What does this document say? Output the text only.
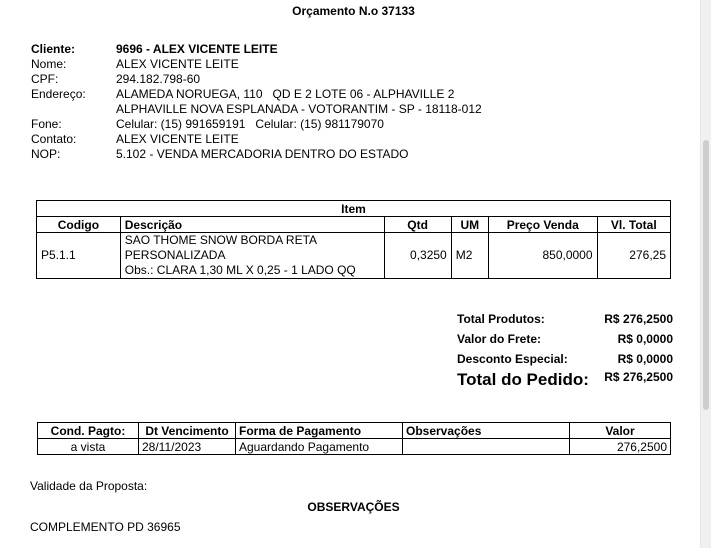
Orçamento N.o 37133
Cliente:	9696 - ALEX VICENTE LEITE
Nome:	ALEX VICENTE LEITE
CPF:	294.182.798-60
Endereço:	ALAMEDA NORUEGA, 110   QD E 2 LOTE 06 - ALPHAVILLE 2
ALPHAVILLE NOVA ESPLANADA - VOTORANTIM - SP - 18118-012
Fone:	Celular: (15) 991659191   Celular: (15) 981179070
Contato:	ALEX VICENTE LEITE
NOP:	5.102 - VENDA MERCADORIA DENTRO DO ESTADO
Item					
Codigo	Descrição	Qtd	UM	Preço Venda	Vl. Total
P5.1.1	SAO THOME SNOW BORDA RETA
PERSONALIZADA
Obs.: CLARA 1,30 ML X 0,25 - 1 LADO QQ	0,3250	M2	850,0000	276,25
Total Produtos:	R$ 276,2500
Valor do Frete:	R$ 0,0000
Desconto Especial:	R$ 0,0000
Total do Pedido: R$ 276,2500
Cond. Pagto:	Dt Vencimento	Forma de Pagamento	Observações	Valor
a vista	28/11/2023	Aguardando Pagamento		276,2500
Validade da Proposta:
OBSERVAÇÕES
COMPLEMENTO PD 36965
